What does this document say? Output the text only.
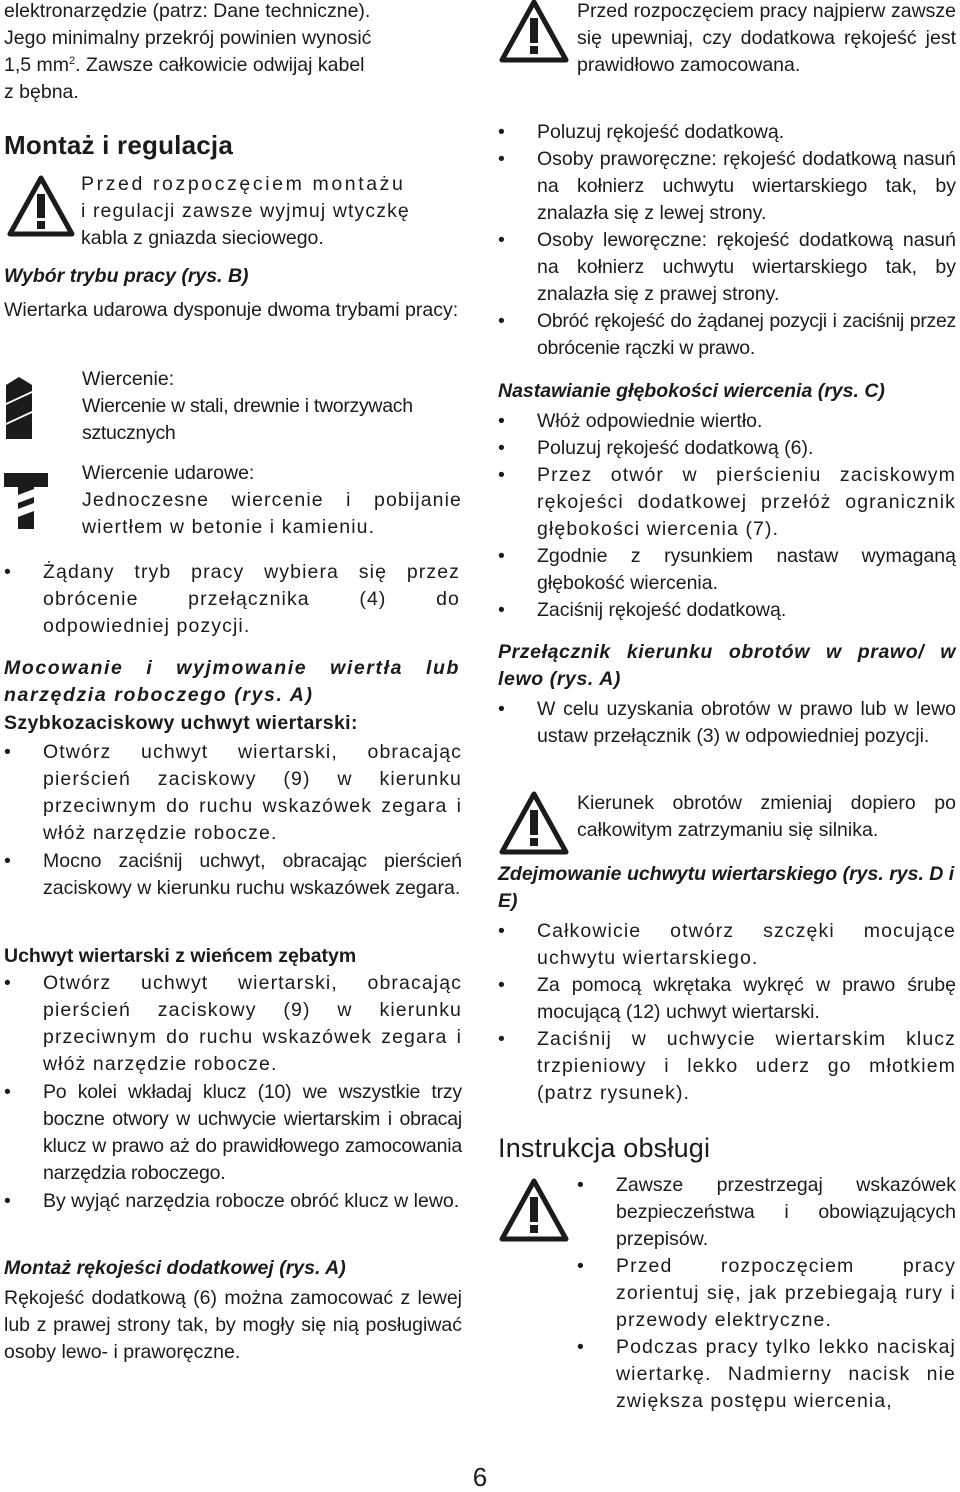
elektronarzędzie (patrz: Dane techniczne).
Jego minimalny przekrój powinien wynosić
1,5 $mm^2$. Zawsze całkowicie odwijaj kabel
z bębna.
Montaż i regulacja
Przed rozpoczęciem montażu
i regulacji zawsze wyjmuj wtyczkę
kabla z gniazda sieciowego.
Wybór trybu pracy (rys. B)

Wiertarka udarowa dysponuje dwoma trybami pracy:

Wiercenie:
Wiercenie w stali, drewnie i tworzywach sztucznych
Wiercenie udarowe:

Jednoczesne wiercenie i pobijanie wiertłem w betonie i kamieniu.

• Żądany tryb pracy wybiera się przez obrócenie przełącznika (4) do odpowiedniej pozycji.
Mocowanie i wyjmowanie wiertła lub narzędzia roboczego (rys. A)
Szybkozaciskowy uchwyt wiertarski:
• Otwórz uchwyt wiertarski, obracając pierścień zaciskowy (9) w kierunku przeciwnym do ruchu wskazówek zegara i włóż narzędzie robocze.
• Mocno zaciśnij uchwyt, obracając pierścień zaciskowy w kierunku ruchu wskazówek zegara.
Uchwyt wiertarski z wieńcem zębatym
• Otwórz uchwyt wiertarski, obracając pierścień zaciskowy (9) w kierunku przeciwnym do ruchu wskazówek zegara i włóż narzędzie robocze.
• Po kolei wkładaj klucz (10) we wszystkie trzy boczne otwory w uchwycie wiertarskim i obracaj klucz w prawo aż do prawidłowego zamocowania narzędzia roboczego.
• By wyjąć narzędzia robocze obróć klucz w lewo.
Montaż rękojeści dodatkowej (rys. A)

Rękojeść dodatkową (6) można zamocować z lewej lub z prawej strony tak, by mogły się nią posługiwać osoby lewo- i praworęczne.

Przed rozpoczęciem pracy najpierw zawsze się upewniaj, czy dodatkowa rękojeść jest prawidłowo zamocowana.

• Poluzuj rękojeść dodatkową.
• Osoby praworęczne: rękojeść dodatkową nasuń na kołnierz uchwytu wiertarskiego tak, by znalazła się z lewej strony.
• Osoby leworęczne: rękojeść dodatkową nasuń na kołnierz uchwytu wiertarskiego tak, by znalazła się z prawej strony.
• Obróć rękojeść do żądanej pozycji i zaciśnij przez obrócenie rączki w prawo.
Nastawianie głębokości wiercenia (rys. C)
• Włóż odpowiednie wiertło.
• Poluzuj rękojeść dodatkową (6).
• Przez otwór w pierścieniu zaciskowym rękojeści dodatkowej przełóż ogranicznik głębokości wiercenia (7).
• Zgodnie z rysunkiem nastaw wymaganą głębokość wiercenia.
• Zaciśnij rękojeść dodatkową.
Przełącznik kierunku obrotów w prawo/ w lewo (rys. A)
• W celu uzyskania obrotów w prawo lub w lewo ustaw przełącznik (3) w odpowiedniej pozycji.

Kierunek obrotów zmieniaj dopiero po całkowitym zatrzymaniu się silnika.

Zdejmowanie uchwytu wiertarskiego (rys. rys. D i E)
• Całkowicie otwórz szczęki mocujące uchwytu wiertarskiego.
• Za pomocą wkrętaka wykręć w prawo śrubę mocującą (12) uchwyt wiertarski.
• Zaciśnij w uchwycie wiertarskim klucz trzpieniowy i lekko uderz go młotkiem (patrz rysunek).
Instrukcja obsługi
• Zawsze przestrzegaj wskazówek bezpieczeństwa i obowiązujących przepisów.
• Przed rozpoczęciem pracy zorientuj się, jak przebiegają rury i przewody elektryczne.
• Podczas pracy tylko lekko naciskaj wiertarkę. Nadmierny nacisk nie zwiększa postępu wiercenia,
6
